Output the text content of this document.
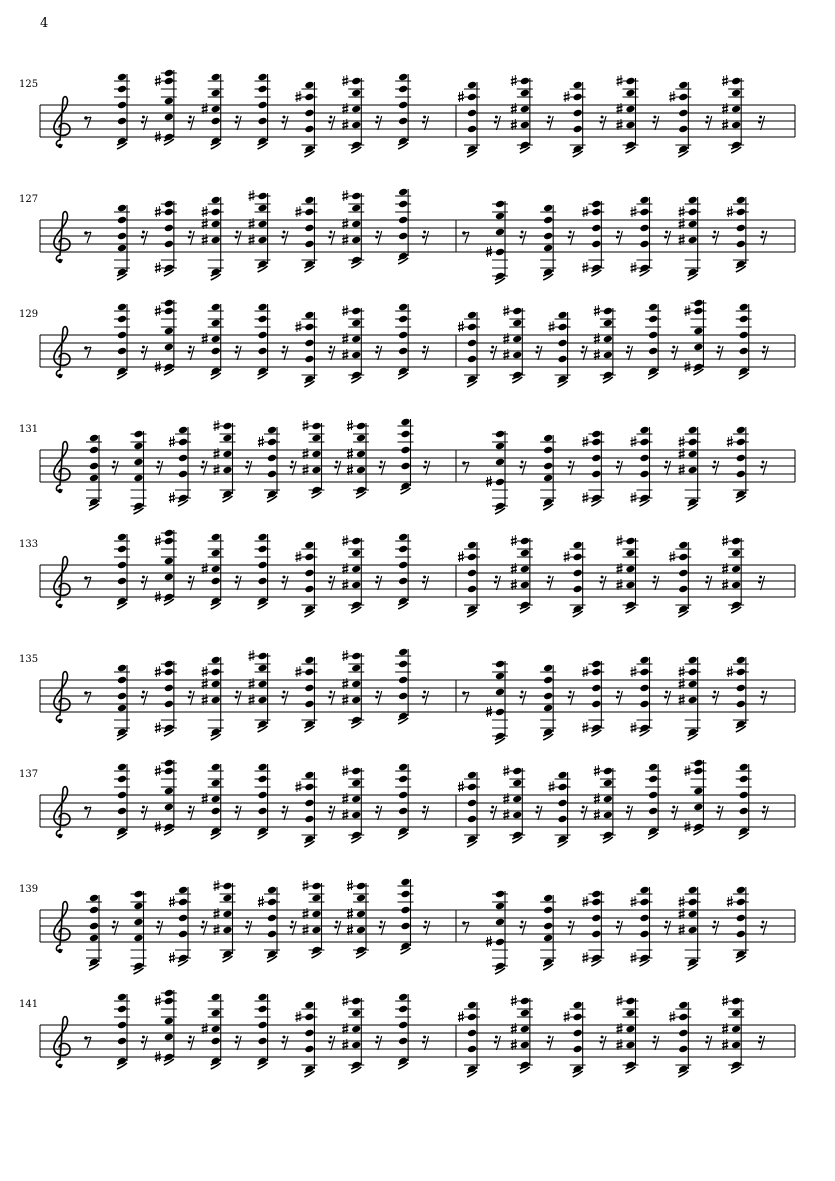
4
125
127
129
131
133
135
137
139
141
